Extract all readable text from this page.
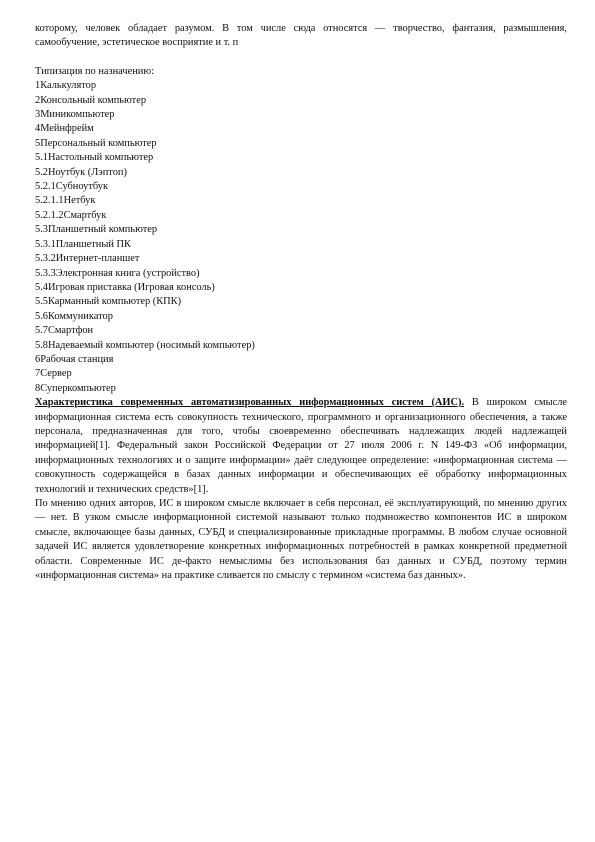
которому, человек обладает разумом. В том числе сюда относятся — творчество, фантазия, размышления, самообучение, эстетическое восприятие и т. п

Типизация по назначению:

1Калькулятор
2Консольный компьютер
3Миникомпьютер
4Мейнфрейм
5Персональный компьютер
5.1Настольный компьютер
5.2Ноутбук (Лэптоп)
5.2.1Субноутбук
5.2.1.1Нетбук
5.2.1.2Смартбук
5.3Планшетный компьютер
5.3.1Планшетный ПК
5.3.2Интернет-планшет
5.3.3Электронная книга (устройство)
5.4Игровая приставка (Игровая консоль)
5.5Карманный компьютер (КПК)
5.6Коммуникатор
5.7Смартфон
5.8Надеваемый компьютер (носимый компьютер)
6Рабочая станция
7Сервер
8Суперкомпьютер

Характеристика современных автоматизированных информационных систем (АИС). В широком смысле информационная система есть совокупность технического, программного и организационного обеспечения, а также персонала, предназначенная для того, чтобы своевременно обеспечивать надлежащих людей надлежащей информацией[1]. Федеральный закон Российской Федерации от 27 июля 2006 г. N 149-ФЗ «Об информации, информационных технологиях и о защите информации» даёт следующее определение: «информационная система — совокупность содержащейся в базах данных информации и обеспечивающих её обработку информационных технологий и технических средств»[1].

По мнению одних авторов, ИС в широком смысле включает в себя персонал, её эксплуатирующий, по мнению других — нет. В узком смысле информационной системой называют только подмножество компонентов ИС в широком смысле, включающее базы данных, СУБД и специализированные прикладные программы. В любом случае основной задачей ИС является удовлетворение конкретных информационных потребностей в рамках конкретной предметной области. Современные ИС де-факто немыслимы без использования баз данных и СУБД, поэтому термин «информационная система» на практике сливается по смыслу с термином «система баз данных».
